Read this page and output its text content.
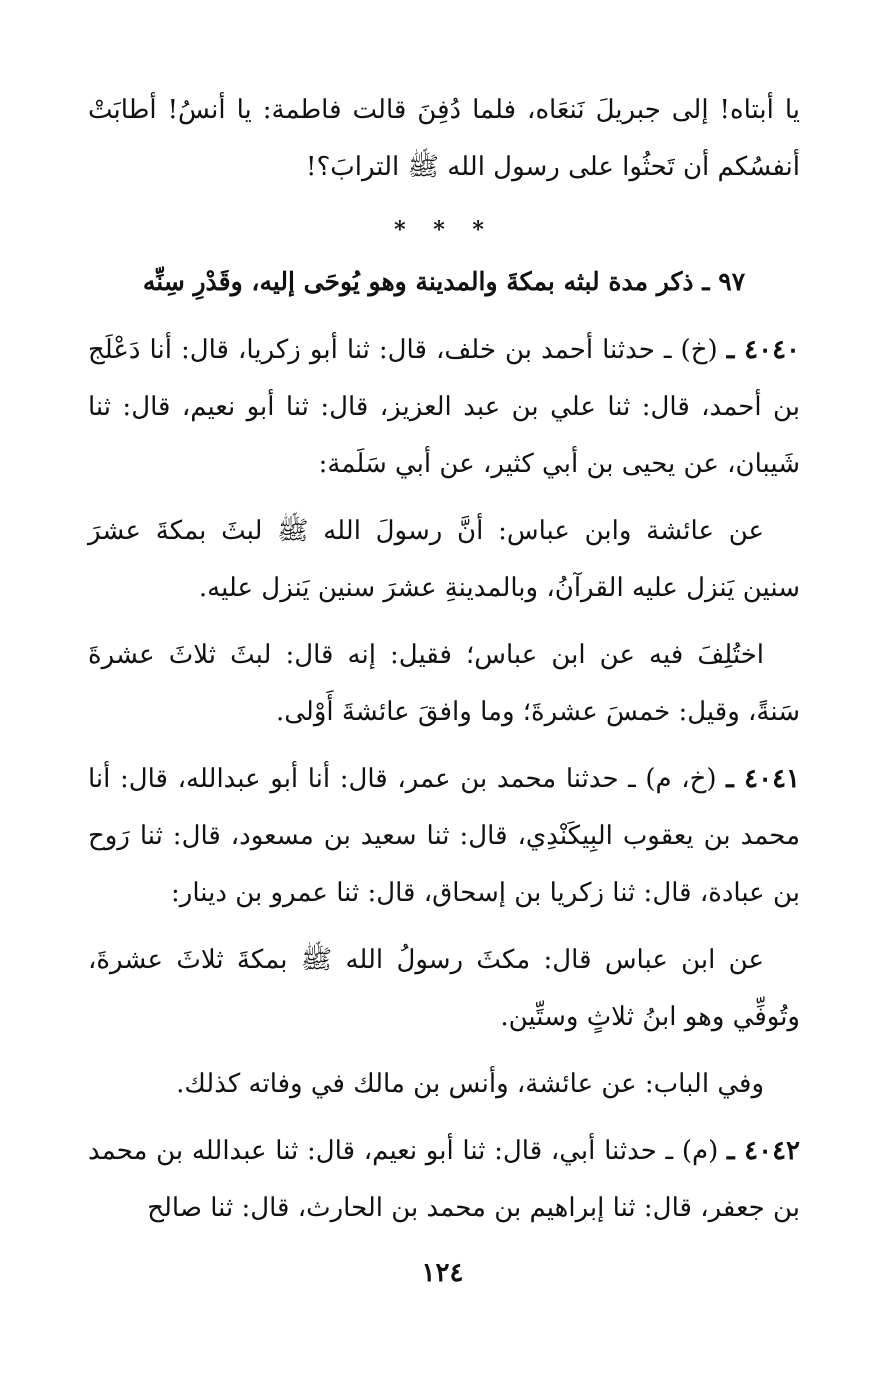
يا أبتاه! إلى جبريلَ نَنعَاه، فلما دُفِنَ قالت فاطمة: يا أنسُ! أطابَتْ أنفسُكم أن تَحثُوا على رسول الله ﷺ الترابَ؟!

* * *
٩٧ ـ ذكر مدة لبثه بمكةَ والمدينة وهو يُوحَى إليه، وقَدْرِ سِنِّه

٤٠٤٠ ـ (خ) ـ حدثنا أحمد بن خلف، قال: ثنا أبو زكريا، قال: أنا دَعْلَج بن أحمد، قال: ثنا علي بن عبد العزيز، قال: ثنا أبو نعيم، قال: ثنا شَيبان، عن يحيى بن أبي كثير، عن أبي سَلَمة:

عن عائشة وابن عباس: أنَّ رسولَ الله ﷺ لبثَ بمكةَ عشرَ سنين يَنزل عليه القرآنُ، وبالمدينةِ عشرَ سنين يَنزل عليه.

اختُلِفَ فيه عن ابن عباس؛ فقيل: إنه قال: لبثَ ثلاثَ عشرةَ سَنةً، وقيل: خمسَ عشرةَ؛ وما وافقَ عائشةَ أَوْلى.

٤٠٤١ ـ (خ، م) ـ حدثنا محمد بن عمر، قال: أنا أبو عبدالله، قال: أنا محمد بن يعقوب البِيكَنْدِي، قال: ثنا سعيد بن مسعود، قال: ثنا رَوح بن عبادة، قال: ثنا زكريا بن إسحاق، قال: ثنا عمرو بن دينار:

عن ابن عباس قال: مكثَ رسولُ الله ﷺ بمكةَ ثلاثَ عشرةَ، وتُوفِّي وهو ابنُ ثلاثٍ وستِّين.

وفي الباب: عن عائشة، وأنس بن مالك في وفاته كذلك.

٤٠٤٢ ـ (م) ـ حدثنا أبي، قال: ثنا أبو نعيم، قال: ثنا عبدالله بن محمد بن جعفر، قال: ثنا إبراهيم بن محمد بن الحارث، قال: ثنا صالح

١٢٤
